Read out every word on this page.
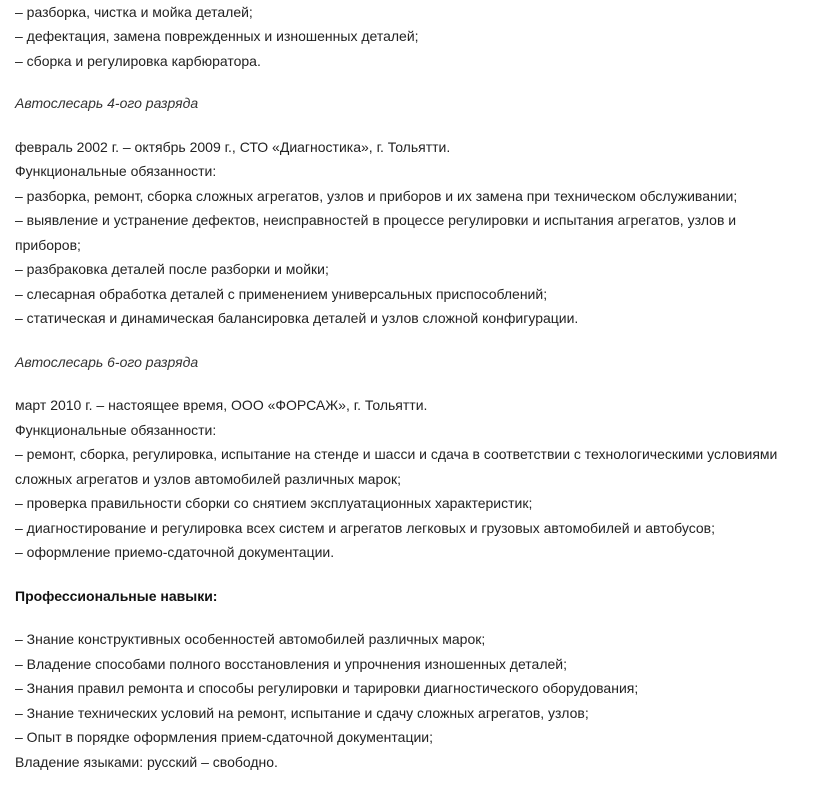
– разборка, чистка и мойка деталей;
– дефектация, замена поврежденных и изношенных деталей;
– сборка и регулировка карбюратора.
Автослесарь 4-ого разряда
февраль 2002 г. – октябрь 2009 г., СТО «Диагностика», г. Тольятти.
Функциональные обязанности:
– разборка, ремонт, сборка сложных агрегатов, узлов и приборов и их замена при техническом обслуживании;
– выявление и устранение дефектов, неисправностей в процессе регулировки и испытания агрегатов, узлов и
приборов;
– разбраковка деталей после разборки и мойки;
– слесарная обработка деталей с применением универсальных приспособлений;
– статическая и динамическая балансировка деталей и узлов сложной конфигурации.
Автослесарь 6-ого разряда
март 2010 г. – настоящее время, ООО «ФОРСАЖ», г. Тольятти.
Функциональные обязанности:
– ремонт, сборка, регулировка, испытание на стенде и шасси и сдача в соответствии с технологическими условиями
сложных агрегатов и узлов автомобилей различных марок;
– проверка правильности сборки со снятием эксплуатационных характеристик;
– диагностирование и регулировка всех систем и агрегатов легковых и грузовых автомобилей и автобусов;
– оформление приемо-сдаточной документации.
Профессиональные навыки:
– Знание конструктивных особенностей автомобилей различных марок;
– Владение способами полного восстановления и упрочнения изношенных деталей;
– Знания правил ремонта и способы регулировки и тарировки диагностического оборудования;
– Знание технических условий на ремонт, испытание и сдачу сложных агрегатов, узлов;
– Опыт в порядке оформления прием-сдаточной документации;
Владение языками: русский – свободно.
